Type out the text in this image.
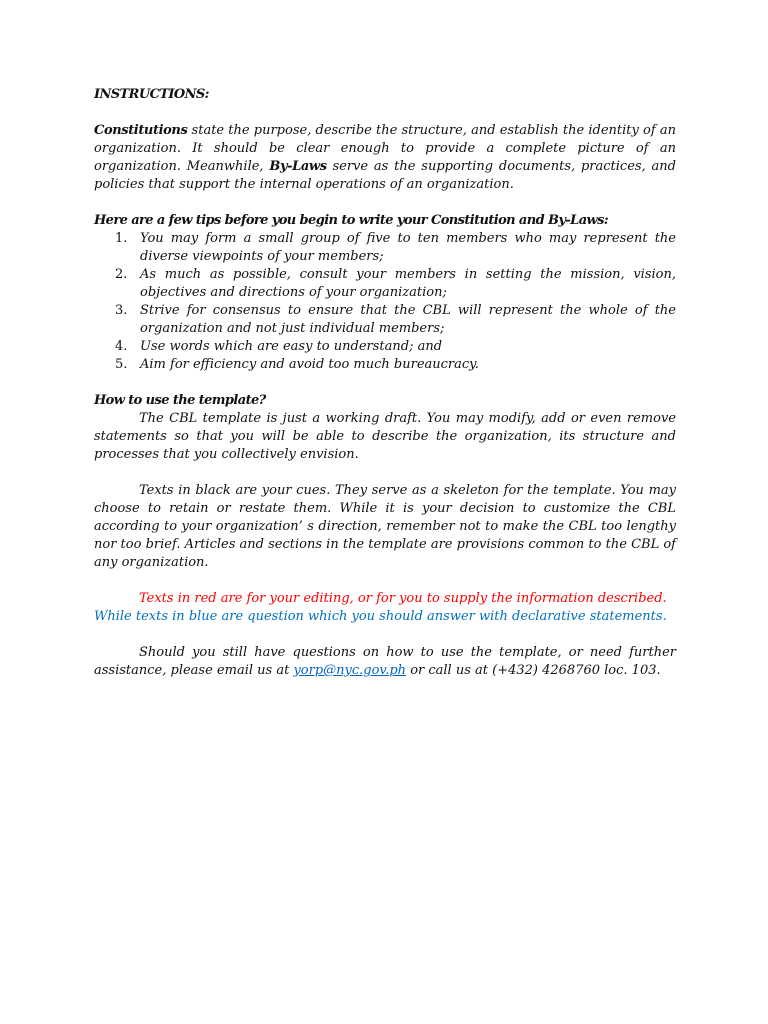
INSTRUCTIONS:

Constitutions state the purpose, describe the structure, and establish the identity of an organization. It should be clear enough to provide a complete picture of an organization. Meanwhile, By-Laws serve as the supporting documents, practices, and policies that support the internal operations of an organization.

Here are a few tips before you begin to write your Constitution and By-Laws:

1. You may form a small group of five to ten members who may represent the diverse viewpoints of your members;
2. As much as possible, consult your members in setting the mission, vision, objectives and directions of your organization;
3. Strive for consensus to ensure that the CBL will represent the whole of the organization and not just individual members;
4. Use words which are easy to understand; and
5. Aim for efficiency and avoid too much bureaucracy.

How to use the template?

The CBL template is just a working draft. You may modify, add or even remove statements so that you will be able to describe the organization, its structure and processes that you collectively envision.

Texts in black are your cues. They serve as a skeleton for the template. You may choose to retain or restate them. While it is your decision to customize the CBL according to your organization’ s direction, remember not to make the CBL too lengthy nor too brief. Articles and sections in the template are provisions common to the CBL of any organization.

Texts in red are for your editing, or for you to supply the information described. While texts in blue are question which you should answer with declarative statements.

Should you still have questions on how to use the template, or need further assistance, please email us at yorp@nyc.gov.ph or call us at (+432) 4268760 loc. 103.
